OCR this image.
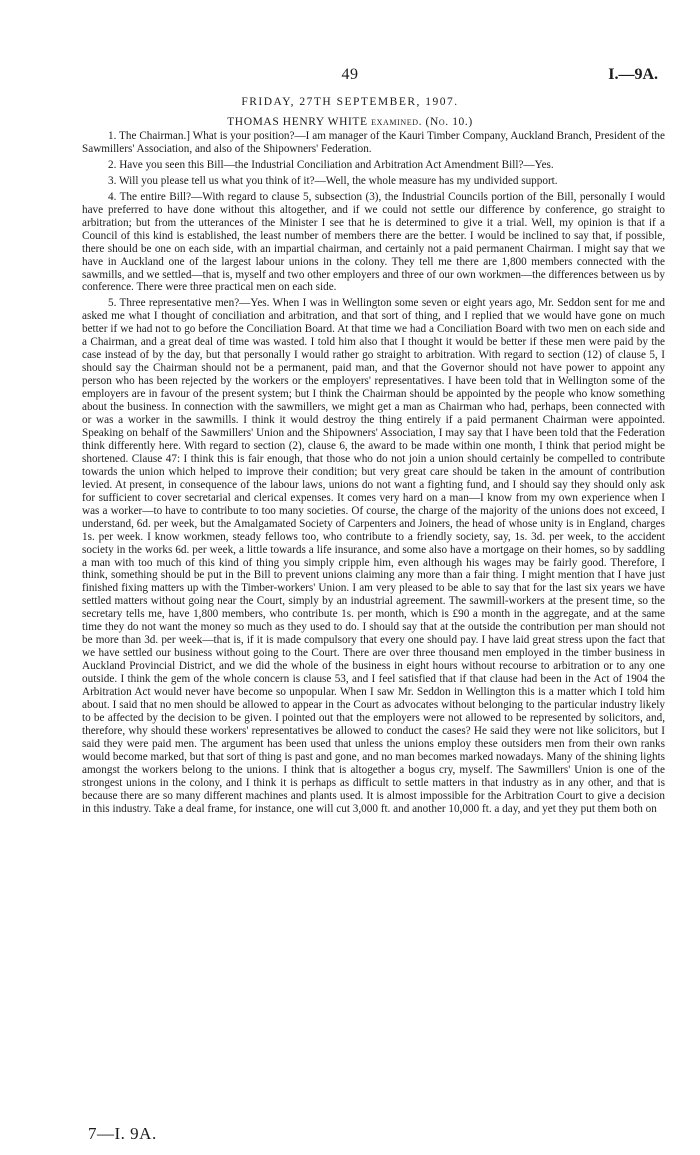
49	I.—9A.
FRIDAY, 27TH SEPTEMBER, 1907.
THOMAS HENRY WHITE examined. (No. 10.)

1. The Chairman.] What is your position?—I am manager of the Kauri Timber Company, Auckland Branch, President of the Sawmillers' Association, and also of the Shipowners' Federation.

2. Have you seen this Bill—the Industrial Conciliation and Arbitration Act Amendment Bill?—Yes.

3. Will you please tell us what you think of it?—Well, the whole measure has my undivided support.

4. The entire Bill?—With regard to clause 5, subsection (3), the Industrial Councils portion of the Bill, personally I would have preferred to have done without this altogether, and if we could not settle our difference by conference, go straight to arbitration; but from the utterances of the Minister I see that he is determined to give it a trial. Well, my opinion is that if a Council of this kind is established, the least number of members there are the better. I would be inclined to say that, if possible, there should be one on each side, with an impartial chairman, and certainly not a paid permanent Chairman. I might say that we have in Auckland one of the largest labour unions in the colony. They tell me there are 1,800 members connected with the sawmills, and we settled—that is, myself and two other employers and three of our own workmen—the differences between us by conference. There were three practical men on each side.

5. Three representative men?—Yes. When I was in Wellington some seven or eight years ago, Mr. Seddon sent for me and asked me what I thought of conciliation and arbitration, and that sort of thing, and I replied that we would have gone on much better if we had not to go before the Conciliation Board. At that time we had a Conciliation Board with two men on each side and a Chairman, and a great deal of time was wasted. I told him also that I thought it would be better if these men were paid by the case instead of by the day, but that personally I would rather go straight to arbitration. With regard to section (12) of clause 5, I should say the Chairman should not be a permanent, paid man, and that the Governor should not have power to appoint any person who has been rejected by the workers or the employers' representatives. I have been told that in Wellington some of the employers are in favour of the present system; but I think the Chairman should be appointed by the people who know something about the business. In connection with the sawmillers, we might get a man as Chairman who had, perhaps, been connected with or was a worker in the sawmills. I think it would destroy the thing entirely if a paid permanent Chairman were appointed. Speaking on behalf of the Sawmillers' Union and the Shipowners' Association, I may say that I have been told that the Federation think differently here. With regard to section (2), clause 6, the award to be made within one month, I think that period might be shortened. Clause 47: I think this is fair enough, that those who do not join a union should certainly be compelled to contribute towards the union which helped to improve their condition; but very great care should be taken in the amount of contribution levied. At present, in consequence of the labour laws, unions do not want a fighting fund, and I should say they should only ask for sufficient to cover secretarial and clerical expenses. It comes very hard on a man—I know from my own experience when I was a worker—to have to contribute to too many societies. Of course, the charge of the majority of the unions does not exceed, I understand, 6d. per week, but the Amalgamated Society of Carpenters and Joiners, the head of whose unity is in England, charges 1s. per week. I know workmen, steady fellows too, who contribute to a friendly society, say, 1s. 3d. per week, to the accident society in the works 6d. per week, a little towards a life insurance, and some also have a mortgage on their homes, so by saddling a man with too much of this kind of thing you simply cripple him, even although his wages may be fairly good. Therefore, I think, something should be put in the Bill to prevent unions claiming any more than a fair thing. I might mention that I have just finished fixing matters up with the Timber-workers' Union. I am very pleased to be able to say that for the last six years we have settled matters without going near the Court, simply by an industrial agreement. The sawmill-workers at the present time, so the secretary tells me, have 1,800 members, who contribute 1s. per month, which is £90 a month in the aggregate, and at the same time they do not want the money so much as they used to do. I should say that at the outside the contribution per man should not be more than 3d. per week—that is, if it is made compulsory that every one should pay. I have laid great stress upon the fact that we have settled our business without going to the Court. There are over three thousand men employed in the timber business in Auckland Provincial District, and we did the whole of the business in eight hours without recourse to arbitration or to any one outside. I think the gem of the whole concern is clause 53, and I feel satisfied that if that clause had been in the Act of 1904 the Arbitration Act would never have become so unpopular. When I saw Mr. Seddon in Wellington this is a matter which I told him about. I said that no men should be allowed to appear in the Court as advocates without belonging to the particular industry likely to be affected by the decision to be given. I pointed out that the employers were not allowed to be represented by solicitors, and, therefore, why should these workers' representatives be allowed to conduct the cases? He said they were not like solicitors, but I said they were paid men. The argument has been used that unless the unions employ these outsiders men from their own ranks would become marked, but that sort of thing is past and gone, and no man becomes marked nowadays. Many of the shining lights amongst the workers belong to the unions. I think that is altogether a bogus cry, myself. The Sawmillers' Union is one of the strongest unions in the colony, and I think it is perhaps as difficult to settle matters in that industry as in any other, and that is because there are so many different machines and plants used. It is almost impossible for the Arbitration Court to give a decision in this industry. Take a deal frame, for instance, one will cut 3,000 ft. and another 10,000 ft. a day, and yet they put them both on

7—I. 9A.
